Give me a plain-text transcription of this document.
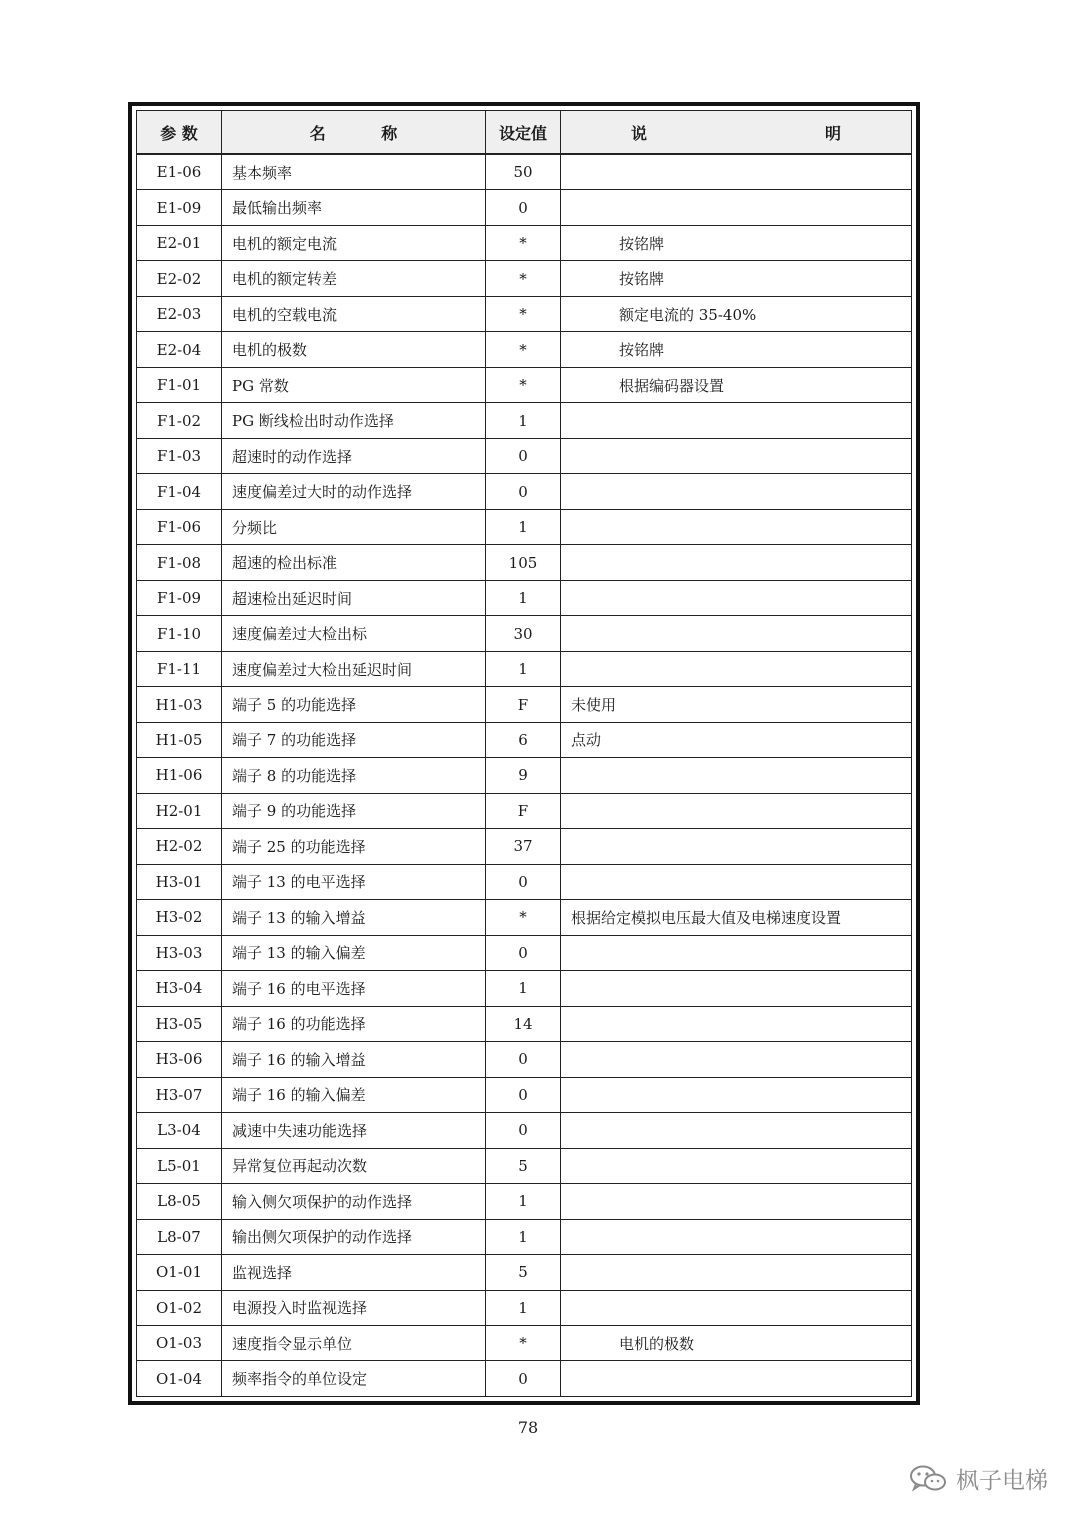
参 数	名 称	设定值	说 明

E1-06	基本频率	50	
E1-09	最低输出频率	0	
E2-01	电机的额定电流	*	按铭牌
E2-02	电机的额定转差	*	按铭牌
E2-03	电机的空载电流	*	额定电流的 35-40%
E2-04	电机的极数	*	按铭牌
F1-01	PG 常数	*	根据编码器设置
F1-02	PG 断线检出时动作选择	1	
F1-03	超速时的动作选择	0	
F1-04	速度偏差过大时的动作选择	0	
F1-06	分频比	1	
F1-08	超速的检出标准	105	
F1-09	超速检出延迟时间	1	
F1-10	速度偏差过大检出标	30	
F1-11	速度偏差过大检出延迟时间	1	
H1-03	端子 5 的功能选择	F	未使用
H1-05	端子 7 的功能选择	6	点动
H1-06	端子 8 的功能选择	9	
H2-01	端子 9 的功能选择	F	
H2-02	端子 25 的功能选择	37	
H3-01	端子 13 的电平选择	0	
H3-02	端子 13 的输入增益	*	根据给定模拟电压最大值及电梯速度设置
H3-03	端子 13 的输入偏差	0	
H3-04	端子 16 的电平选择	1	
H3-05	端子 16 的功能选择	14	
H3-06	端子 16 的输入增益	0	
H3-07	端子 16 的输入偏差	0	
L3-04	减速中失速功能选择	0	
L5-01	异常复位再起动次数	5	
L8-05	输入侧欠项保护的动作选择	1	
L8-07	输出侧欠项保护的动作选择	1	
O1-01	监视选择	5	
O1-02	电源投入时监视选择	1	
O1-03	速度指令显示单位	*	电机的极数
O1-04	频率指令的单位设定	0	
78
枫子电梯
